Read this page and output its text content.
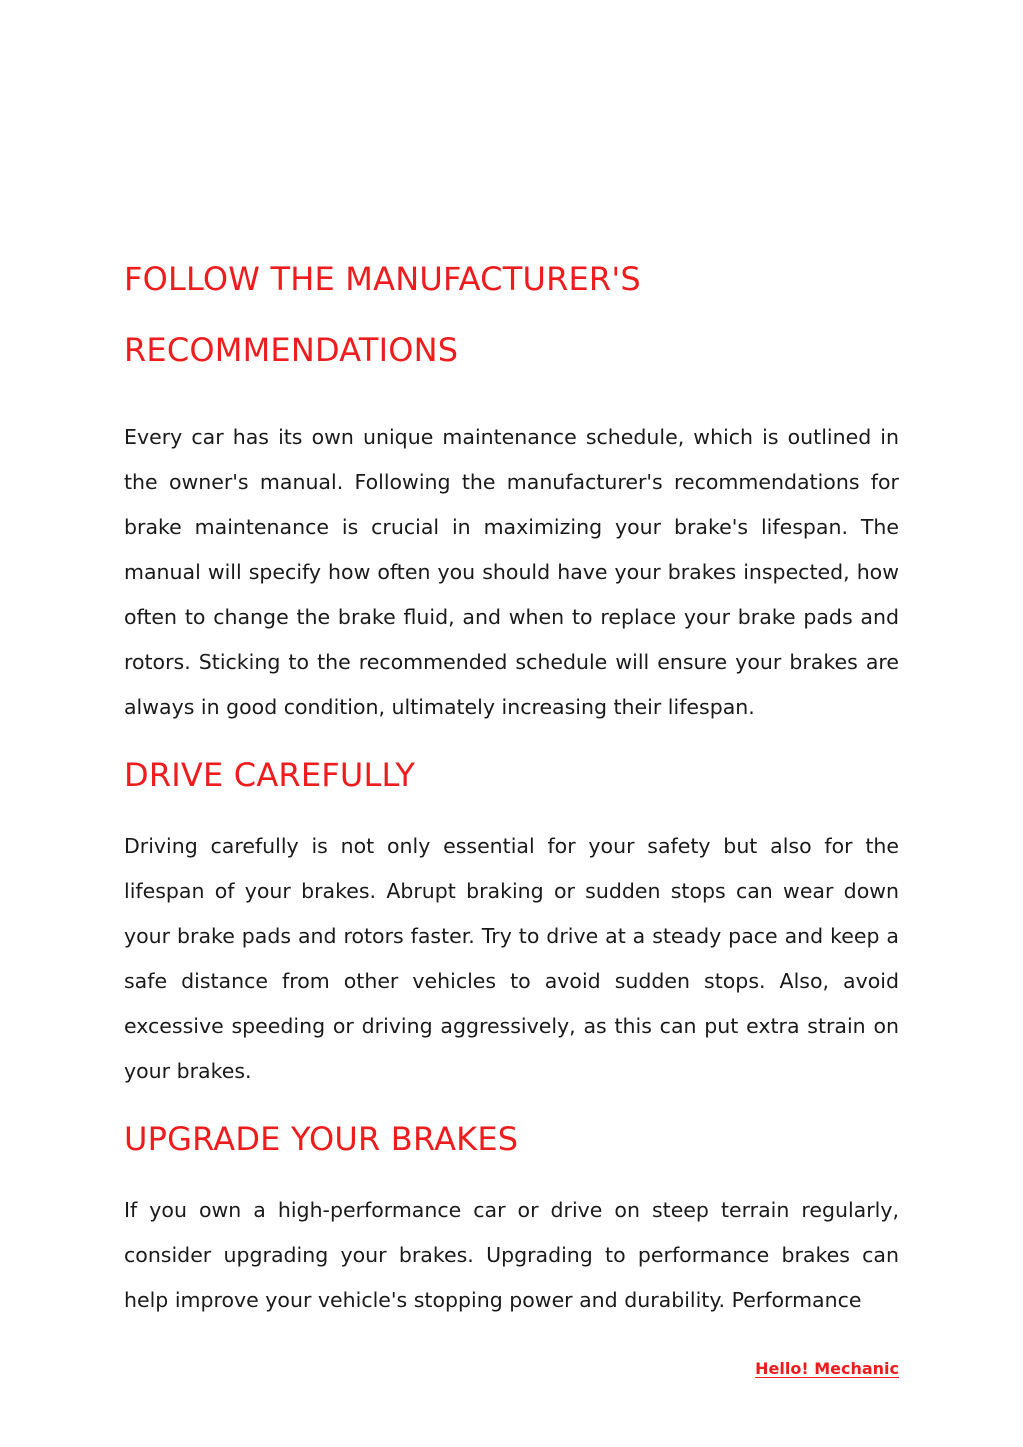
FOLLOW THE MANUFACTURER'S RECOMMENDATIONS

Every car has its own unique maintenance schedule, which is outlined in the owner's manual. Following the manufacturer's recommendations for brake maintenance is crucial in maximizing your brake's lifespan. The manual will specify how often you should have your brakes inspected, how often to change the brake fluid, and when to replace your brake pads and rotors. Sticking to the recommended schedule will ensure your brakes are always in good condition, ultimately increasing their lifespan.

DRIVE CAREFULLY

Driving carefully is not only essential for your safety but also for the lifespan of your brakes. Abrupt braking or sudden stops can wear down your brake pads and rotors faster. Try to drive at a steady pace and keep a safe distance from other vehicles to avoid sudden stops. Also, avoid excessive speeding or driving aggressively, as this can put extra strain on your brakes.

UPGRADE YOUR BRAKES

If you own a high-performance car or drive on steep terrain regularly, consider upgrading your brakes. Upgrading to performance brakes can help improve your vehicle's stopping power and durability. Performance

Hello! Mechanic
